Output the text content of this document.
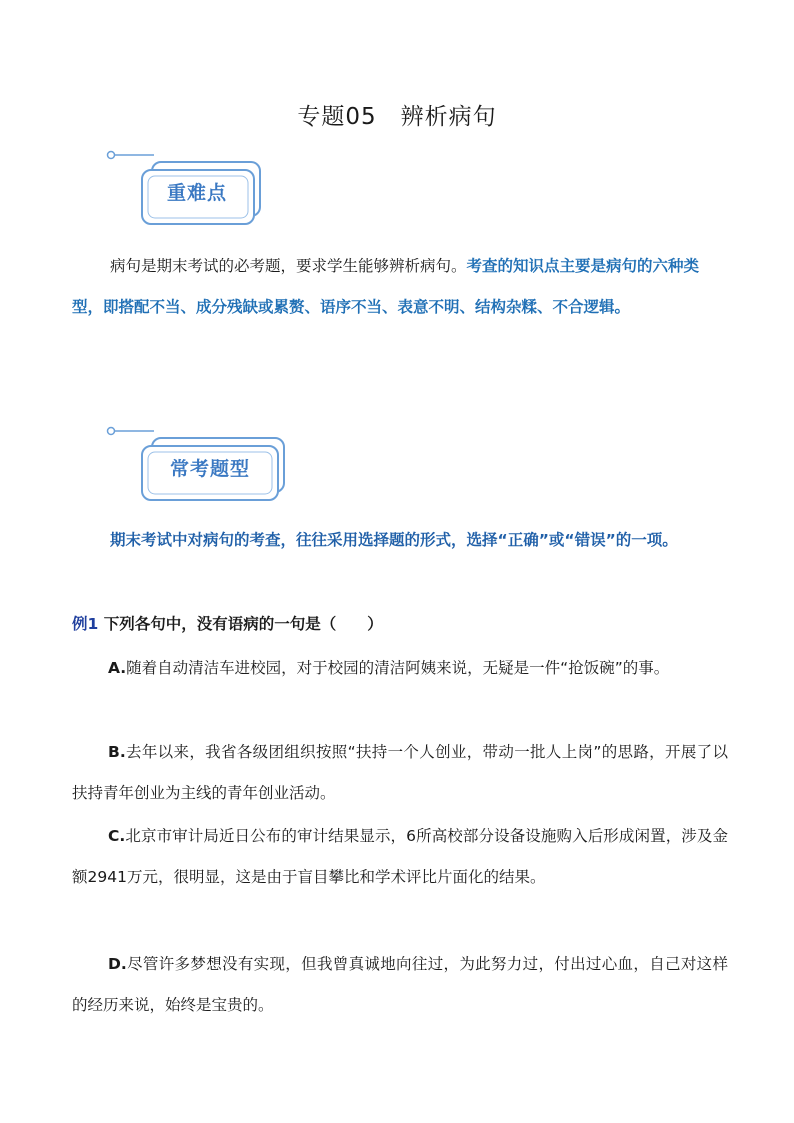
专题05　辨析病句
重难点

病句是期末考试的必考题，要求学生能够辨析病句。考查的知识点主要是病句的六种类型，即搭配不当、成分残缺或累赘、语序不当、表意不明、结构杂糅、不合逻辑。

常考题型

期末考试中对病句的考查，往往采用选择题的形式，选择“正确”或“错误”的一项。

例1 下列各句中，没有语病的一句是（　　）

A.随着自动清洁车进校园，对于校园的清洁阿姨来说，无疑是一件“抢饭碗”的事。

B.去年以来，我省各级团组织按照“扶持一个人创业，带动一批人上岗”的思路，开展了以扶持青年创业为主线的青年创业活动。

C.北京市审计局近日公布的审计结果显示，6所高校部分设备设施购入后形成闲置，涉及金额2941万元，很明显，这是由于盲目攀比和学术评比片面化的结果。

D.尽管许多梦想没有实现，但我曾真诚地向往过，为此努力过，付出过心血，自己对这样的经历来说，始终是宝贵的。
